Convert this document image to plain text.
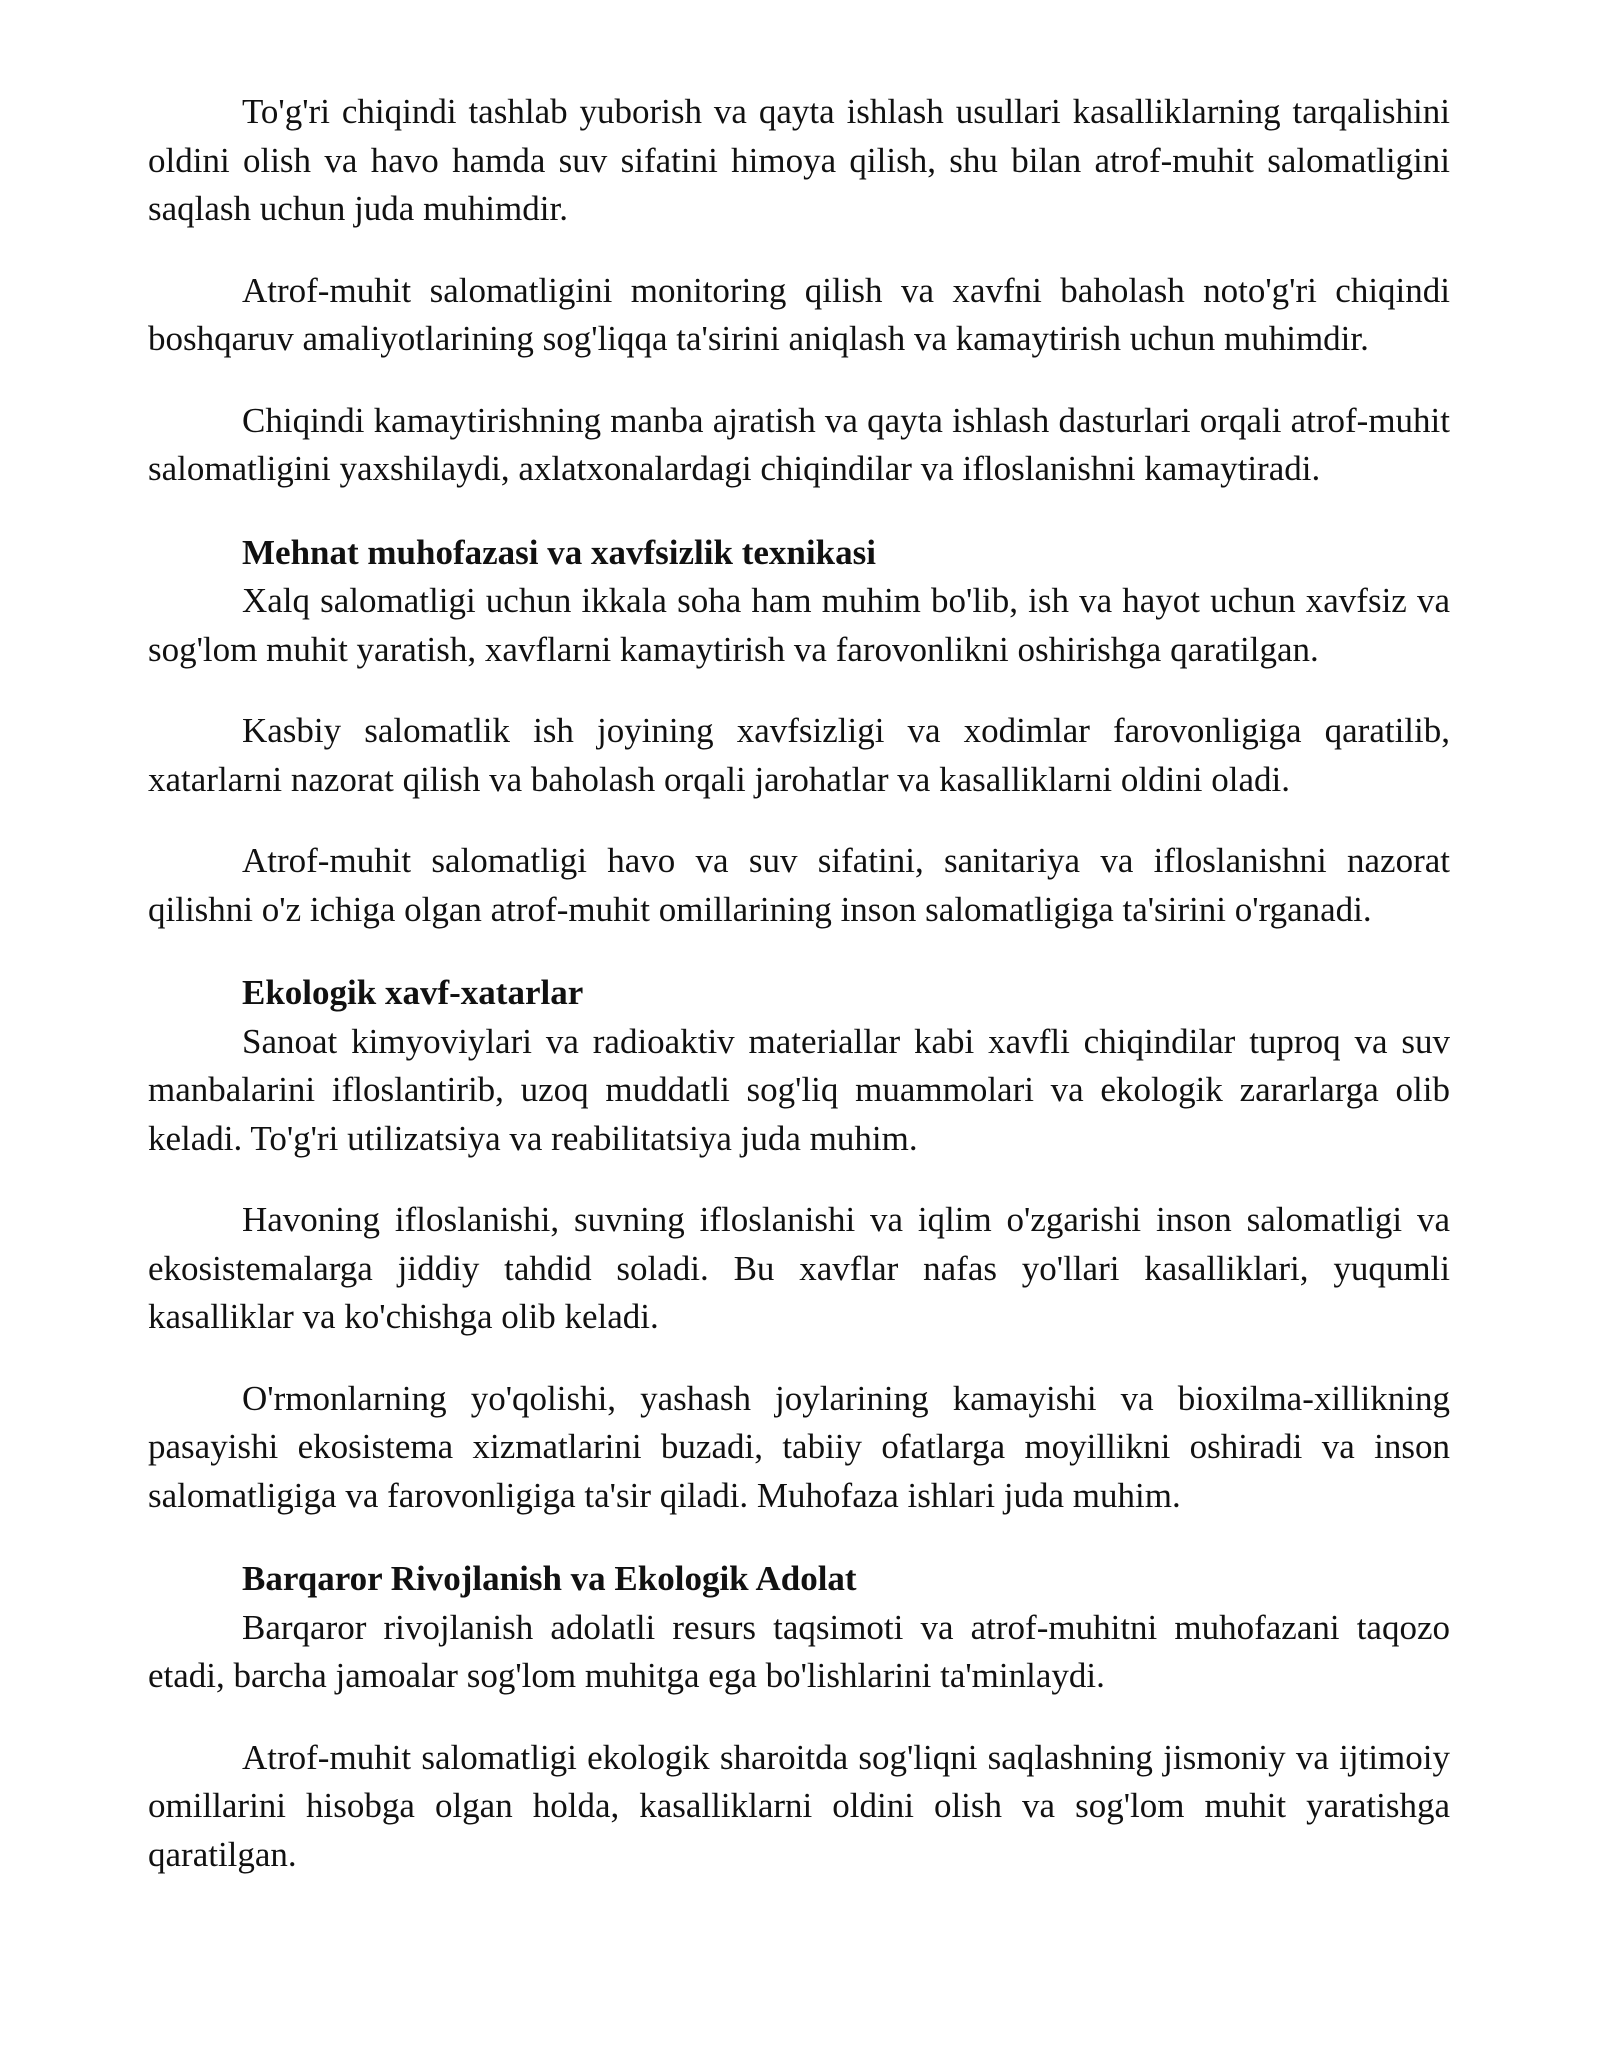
To'g'ri chiqindi tashlab yuborish va qayta ishlash usullari kasalliklarning tarqalishini oldini olish va havo hamda suv sifatini himoya qilish, shu bilan atrof-muhit salomatligini saqlash uchun juda muhimdir.

Atrof-muhit salomatligini monitoring qilish va xavfni baholash noto'g'ri chiqindi boshqaruv amaliyotlarining sog'liqqa ta'sirini aniqlash va kamaytirish uchun muhimdir.

Chiqindi kamaytirishning manba ajratish va qayta ishlash dasturlari orqali atrof-muhit salomatligini yaxshilaydi, axlatxonalardagi chiqindilar va ifloslanishni kamaytiradi.

Mehnat muhofazasi va xavfsizlik texnikasi

Xalq salomatligi uchun ikkala soha ham muhim bo'lib, ish va hayot uchun xavfsiz va sog'lom muhit yaratish, xavflarni kamaytirish va farovonlikni oshirishga qaratilgan.

Kasbiy salomatlik ish joyining xavfsizligi va xodimlar farovonligiga qaratilib, xatarlarni nazorat qilish va baholash orqali jarohatlar va kasalliklarni oldini oladi.

Atrof-muhit salomatligi havo va suv sifatini, sanitariya va ifloslanishni nazorat qilishni o'z ichiga olgan atrof-muhit omillarining inson salomatligiga ta'sirini o'rganadi.

Ekologik xavf-xatarlar

Sanoat kimyoviylari va radioaktiv materiallar kabi xavfli chiqindilar tuproq va suv manbalarini ifloslantirib, uzoq muddatli sog'liq muammolari va ekologik zararlarga olib keladi. To'g'ri utilizatsiya va reabilitatsiya juda muhim.

Havoning ifloslanishi, suvning ifloslanishi va iqlim o'zgarishi inson salomatligi va ekosistemalarga jiddiy tahdid soladi. Bu xavflar nafas yo'llari kasalliklari, yuqumli kasalliklar va ko'chishga olib keladi.

O'rmonlarning yo'qolishi, yashash joylarining kamayishi va bioxilma-xillikning pasayishi ekosistema xizmatlarini buzadi, tabiiy ofatlarga moyillikni oshiradi va inson salomatligiga va farovonligiga ta'sir qiladi. Muhofaza ishlari juda muhim.

Barqaror Rivojlanish va Ekologik Adolat

Barqaror rivojlanish adolatli resurs taqsimoti va atrof-muhitni muhofazani taqozo etadi, barcha jamoalar sog'lom muhitga ega bo'lishlarini ta'minlaydi.

Atrof-muhit salomatligi ekologik sharoitda sog'liqni saqlashning jismoniy va ijtimoiy omillarini hisobga olgan holda, kasalliklarni oldini olish va sog'lom muhit yaratishga qaratilgan.
